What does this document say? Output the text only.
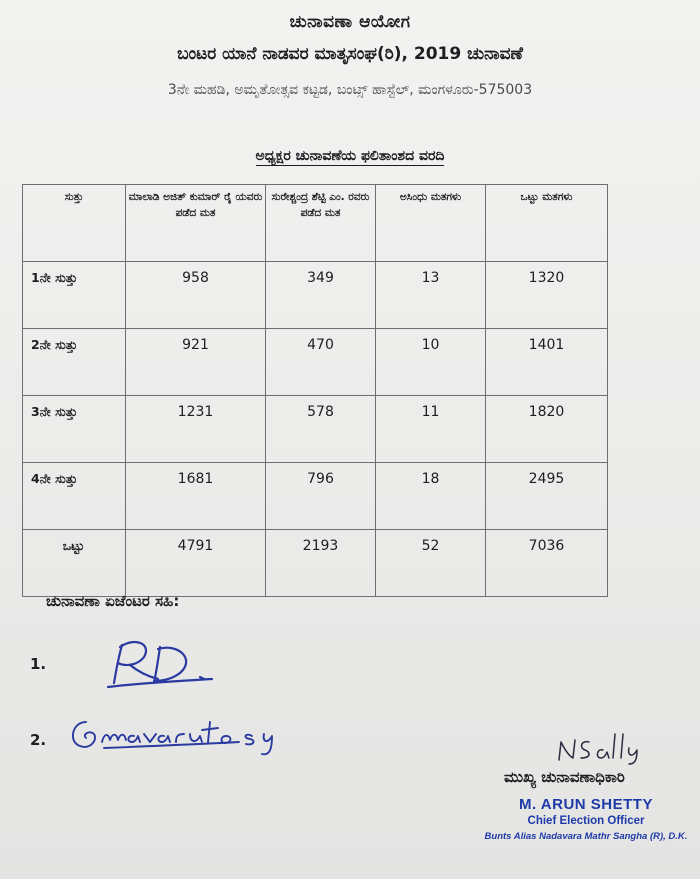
ಚುನಾವಣಾ ಆಯೋಗ
ಬಂಟರ ಯಾನೆ ನಾಡವರ ಮಾತೃಸಂಘ(ರಿ), 2019 ಚುನಾವಣೆ
3ನೇ ಮಹಡಿ, ಅಮೃತೋತ್ಸವ ಕಟ್ಟಡ, ಬಂಟ್ಸ್ ಹಾಸ್ಟೆಲ್, ಮಂಗಳೂರು-575003
ಅಧ್ಯಕ್ಷರ ಚುನಾವಣೆಯ ಫಲಿತಾಂಶದ ವರದಿ
ಸುತ್ತು	ಮಾಲಾಡಿ ಅಜಿತ್ ಕುಮಾರ್ ರೈ ಯವರು ಪಡೆದ ಮತ	ಸುರೇಶ್ಚಂದ್ರ ಶೆಟ್ಟಿ ಎಂ. ರವರು ಪಡೆದ ಮತ	ಅಸಿಂಧು ಮತಗಳು	ಒಟ್ಟು ಮತಗಳು
1ನೇ ಸುತ್ತು	958	349	13	1320
2ನೇ ಸುತ್ತು	921	470	10	1401
3ನೇ ಸುತ್ತು	1231	578	11	1820
4ನೇ ಸುತ್ತು	1681	796	18	2495
ಒಟ್ಟು	4791	2193	52	7036
ಚುನಾವಣಾ ಏಜೆಂಟರ ಸಹಿ:
1.
2.
ಮುಖ್ಯ ಚುನಾವಣಾಧಿಕಾರಿ
M. ARUN SHETTY
Chief Election Officer
Bunts Alias Nadavara Mathr Sangha (R), D.K.
